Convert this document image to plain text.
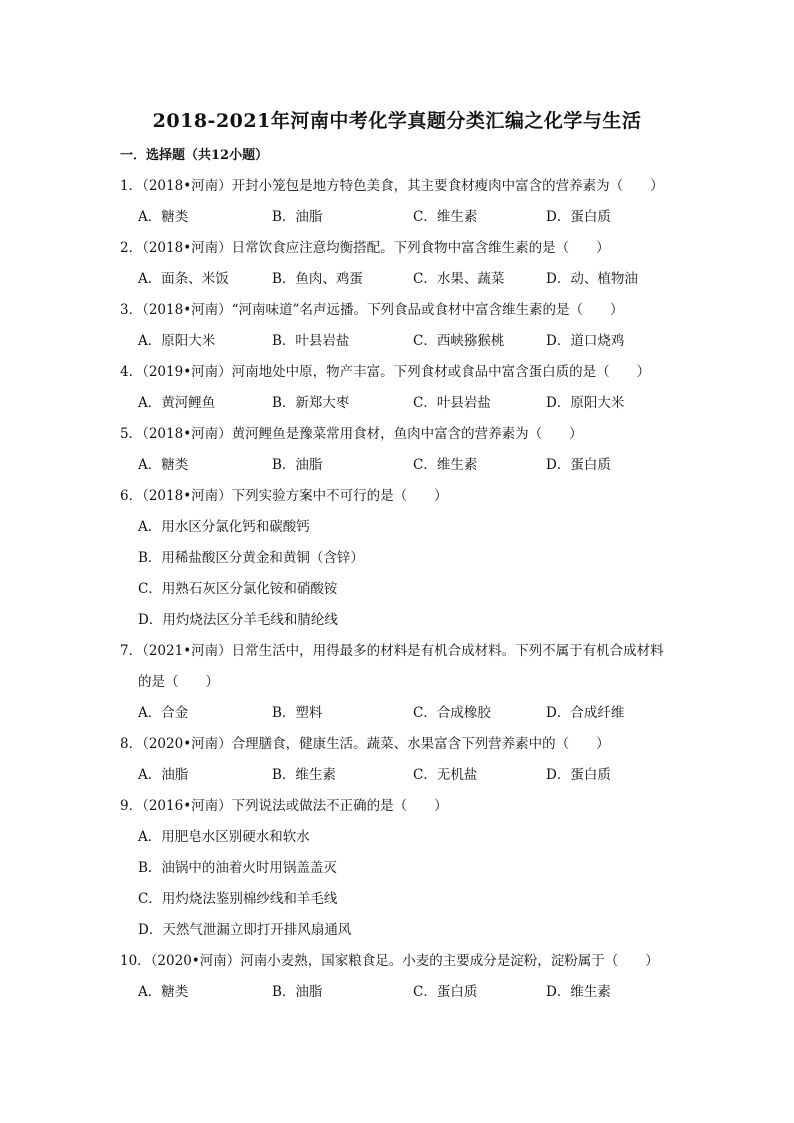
2018-2021年河南中考化学真题分类汇编之化学与生活
一．选择题（共12小题）
1．（2018•河南）开封小笼包是地方特色美食，其主要食材瘦肉中富含的营养素为（　　）
A．糖类	B．油脂	C．维生素	D．蛋白质
2．（2018•河南）日常饮食应注意均衡搭配。下列食物中富含维生素的是（　　）
A．面条、米饭	B．鱼肉、鸡蛋	C．水果、蔬菜	D．动、植物油
3．（2018•河南）“河南味道”名声远播。下列食品或食材中富含维生素的是（　　）
A．原阳大米	B．叶县岩盐	C．西峡猕猴桃	D．道口烧鸡
4．（2019•河南）河南地处中原，物产丰富。下列食材或食品中富含蛋白质的是（　　）
A．黄河鲤鱼	B．新郑大枣	C．叶县岩盐	D．原阳大米
5．（2018•河南）黄河鲤鱼是豫菜常用食材，鱼肉中富含的营养素为（　　）
A．糖类	B．油脂	C．维生素	D．蛋白质
6．（2018•河南）下列实验方案中不可行的是（　　）
A．用水区分氯化钙和碳酸钙
B．用稀盐酸区分黄金和黄铜（含锌）
C．用熟石灰区分氯化铵和硝酸铵
D．用灼烧法区分羊毛线和腈纶线
7．（2021•河南）日常生活中，用得最多的材料是有机合成材料。下列不属于有机合成材料
的是（　　）
A．合金	B．塑料	C．合成橡胶	D．合成纤维
8．（2020•河南）合理膳食，健康生活。蔬菜、水果富含下列营养素中的（　　）
A．油脂	B．维生素	C．无机盐	D．蛋白质
9．（2016•河南）下列说法或做法不正确的是（　　）
A．用肥皂水区别硬水和软水
B．油锅中的油着火时用锅盖盖灭
C．用灼烧法鉴别棉纱线和羊毛线
D．天然气泄漏立即打开排风扇通风
10．（2020•河南）河南小麦熟，国家粮食足。小麦的主要成分是淀粉，淀粉属于（　　）
A．糖类	B．油脂	C．蛋白质	D．维生素
